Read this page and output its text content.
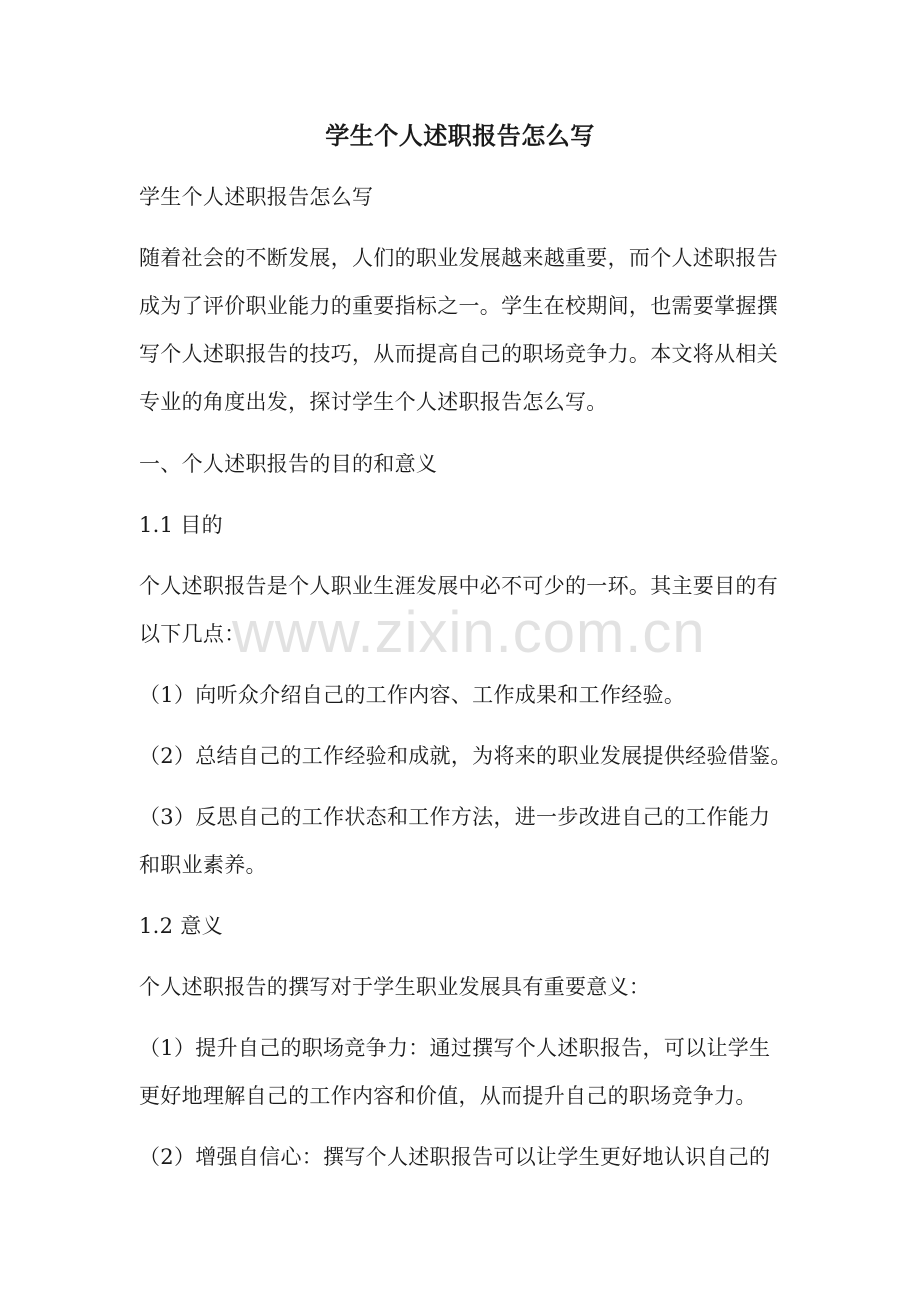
学生个人述职报告怎么写
学生个人述职报告怎么写
随着社会的不断发展，人们的职业发展越来越重要，而个人述职报告
成为了评价职业能力的重要指标之一。学生在校期间，也需要掌握撰
写个人述职报告的技巧，从而提高自己的职场竞争力。本文将从相关
专业的角度出发，探讨学生个人述职报告怎么写。
一、个人述职报告的目的和意义
1.1 目的
个人述职报告是个人职业生涯发展中必不可少的一环。其主要目的有
以下几点：
（1）向听众介绍自己的工作内容、工作成果和工作经验。
（2）总结自己的工作经验和成就，为将来的职业发展提供经验借鉴。
（3）反思自己的工作状态和工作方法，进一步改进自己的工作能力
和职业素养。
1.2 意义
个人述职报告的撰写对于学生职业发展具有重要意义：
（1）提升自己的职场竞争力：通过撰写个人述职报告，可以让学生
更好地理解自己的工作内容和价值，从而提升自己的职场竞争力。
（2）增强自信心：撰写个人述职报告可以让学生更好地认识自己的
www.zixin.com.cn
